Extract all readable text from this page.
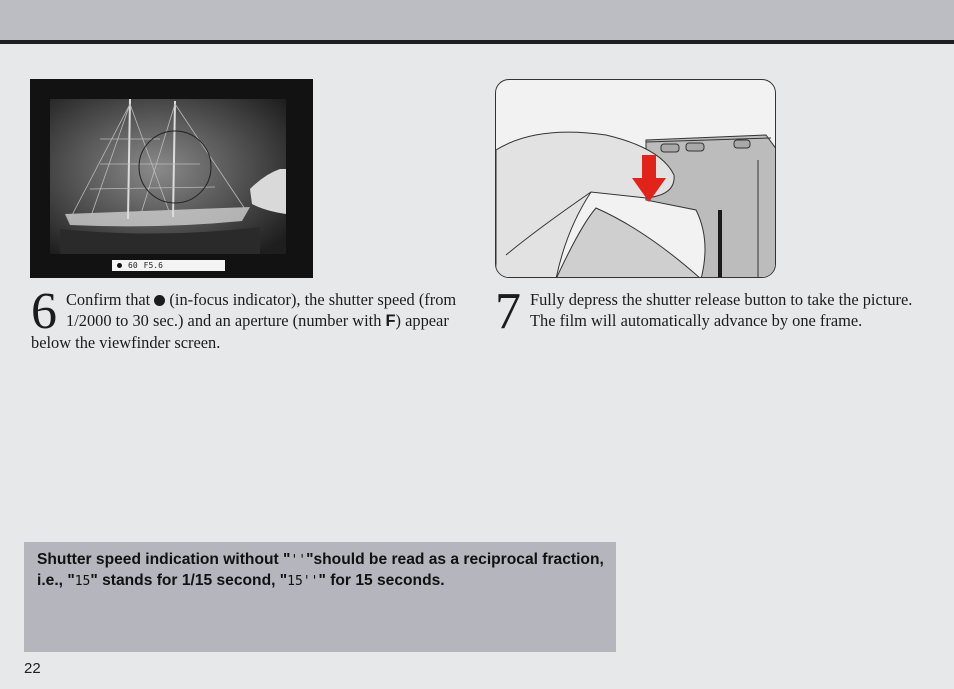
60 F5.6
6 Confirm that  (in-focus indicator), the shutter speed (from 1/2000 to 30 sec.) and an aperture (number with F) appear below the viewfinder screen.
7 Fully depress the shutter release button to take the picture. The film will automatically advance by one frame.
Shutter speed indication without "''"should be read as a reciprocal fraction, i.e., "15" stands for 1/15 second, "15''" for 15 seconds.
22
